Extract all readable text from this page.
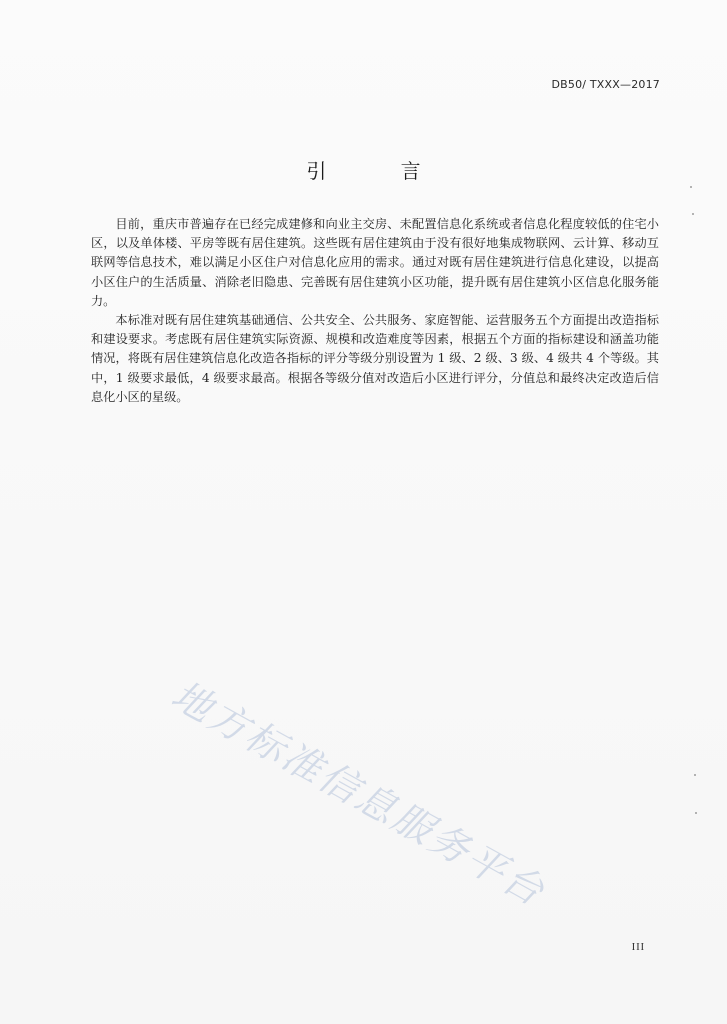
DB50/ TXXX—2017
引 言

目前，重庆市普遍存在已经完成建修和向业主交房、未配置信息化系统或者信息化程度较低的住宅小区，以及单体楼、平房等既有居住建筑。这些既有居住建筑由于没有很好地集成物联网、云计算、移动互联网等信息技术，难以满足小区住户对信息化应用的需求。通过对既有居住建筑进行信息化建设，以提高小区住户的生活质量、消除老旧隐患、完善既有居住建筑小区功能，提升既有居住建筑小区信息化服务能力。

本标准对既有居住建筑基础通信、公共安全、公共服务、家庭智能、运营服务五个方面提出改造指标和建设要求。考虑既有居住建筑实际资源、规模和改造难度等因素，根据五个方面的指标建设和涵盖功能情况，将既有居住建筑信息化改造各指标的评分等级分别设置为 1 级、2 级、3 级、4 级共 4 个等级。其中，1 级要求最低，4 级要求最高。根据各等级分值对改造后小区进行评分，分值总和最终决定改造后信息化小区的星级。

地方标准信息服务平台
III
